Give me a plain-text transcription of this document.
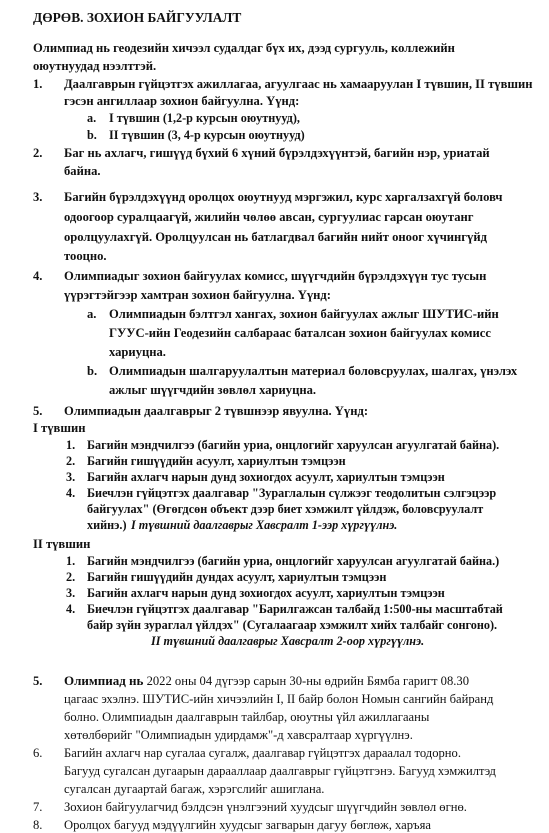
ДӨРӨВ. ЗОХИОН БАЙГУУЛАЛТ

Олимпиад нь геодезийн хичээл судалдаг бүх их, дээд сургууль, коллежийн

оюутнуудад нээлттэй.

1. Даалгаврын гүйцэтгэх ажиллагаа, агуулгаас нь хамааруулан I түвшин, II түвшин

гэсэн ангиллаар зохион байгуулна. Үүнд:

a. I түвшин (1,2-р курсын оюутнууд),

b. II түвшин (3, 4-р курсын оюутнууд)

2. Баг нь ахлагч, гишүүд бүхий 6 хүний бүрэлдэхүүнтэй, багийн нэр, уриатай

байна.

3. Багийн бүрэлдэхүүнд оролцох оюутнууд мэргэжил, курс харгалзахгүй боловч

одоогоор суралцаагүй, жилийн чөлөө авсан, сургуулиас гарсан оюутанг

оролцуулахгүй. Оролцуулсан нь батлагдвал багийн нийт оноог хүчингүйд

тооцно.

4. Олимпиадыг зохион байгуулах комисс, шүүгчдийн бүрэлдэхүүн тус тусын

үүрэгтэйгээр хамтран зохион байгуулна. Үүнд:

a. Олимпиадын бэлтгэл хангах, зохион байгуулах ажлыг ШУТИС-ийн

ГУУС-ийн Геодезийн салбараас баталсан зохион байгуулах комисс

хариуцна.

b. Олимпиадын шалгаруулалтын материал боловсруулах, шалгах, үнэлэх

ажлыг шүүгчдийн зөвлөл хариуцна.

5. Олимпиадын даалгаврыг 2 түвшнээр явуулна. Үүнд:

I түвшин

1. Багийн мэндчилгээ (багийн уриа, онцлогийг харуулсан агуулгатай байна).

2. Багийн гишүүдийн асуулт, хариултын тэмцээн

3. Багийн ахлагч нарын дунд зохиогдох асуулт, хариултын тэмцээн

4. Биечлэн гүйцэтгэх даалгавар "Зураглалын сүлжээг теодолитын сэлгэцээр

байгуулах" (Өгөгдсөн объект дээр биет хэмжилт үйлдэж, боловсруулалт

хийнэ.) I түвшний даалгаврыг Хавсралт 1-ээр хүргүүлнэ.

II түвшин

1. Багийн мэндчилгээ (багийн уриа, онцлогийг харуулсан агуулгатай байна.)

2. Багийн гишүүдийн дундах асуулт, хариултын тэмцээн

3. Багийн ахлагч нарын дунд зохиогдох асуулт, хариултын тэмцээн

4. Биечлэн гүйцэтгэх даалгавар "Барилгажсан талбайд 1:500-ны масштабтай

байр зүйн зураглал үйлдэх" (Сугалаагаар хэмжилт хийх талбайг сонгоно).

II түвшний даалгаврыг Хавсралт 2-оор хүргүүлнэ.

5. Олимпиад нь 2022 оны 04 дүгээр сарын 30-ны өдрийн Бямба гаригт 08.30

цагаас эхэлнэ. ШУТИС-ийн хичээлийн I, II байр болон Номын сангийн байранд

болно. Олимпиадын даалгаврын тайлбар, оюутны үйл ажиллагааны

хөтөлбөрийг "Олимпиадын удирдамж"-д хавсралтаар хүргүүлнэ.

6. Багийн ахлагч нар сугалаа сугалж, даалгавар гүйцэтгэх дараалал тодорно.

Багууд сугалсан дугаарын дарааллаар даалгаврыг гүйцэтгэнэ. Багууд хэмжилтэд

сугалсан дугаартай багаж, хэрэгслийг ашиглана.

7. Зохион байгуулагчид бэлдсэн үнэлгээний хуудсыг шүүгчдийн зөвлөл өгнө.

8. Оролцох багууд мэдүүлгийн хуудсыг загварын дагуу бөглөж, харъяа
